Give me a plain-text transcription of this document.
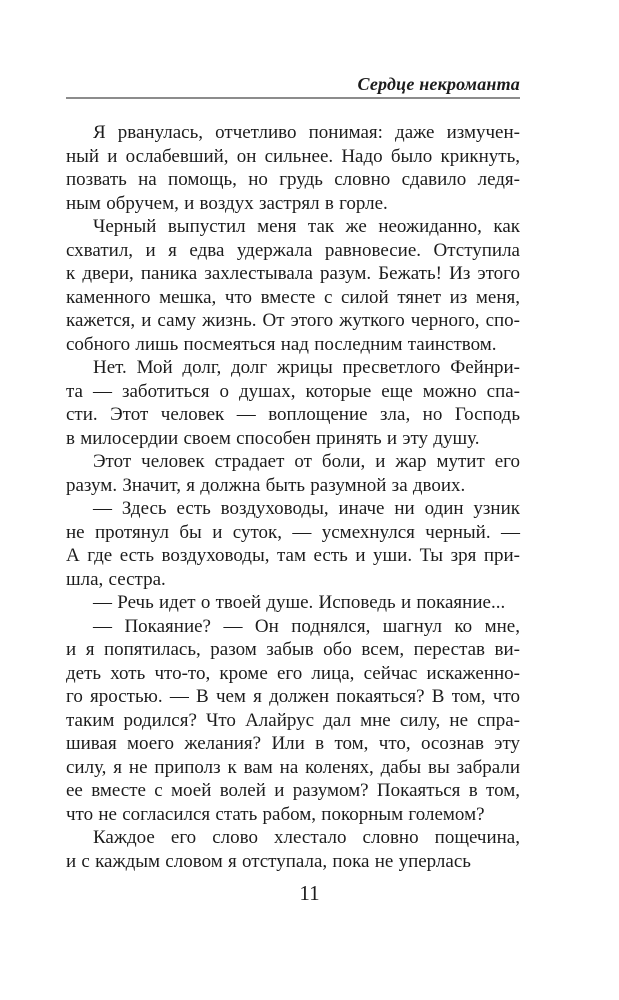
Сердце некроманта
Я рванулась, отчетливо понимая: даже измучен-
ный и ослабевший, он сильнее. Надо было крикнуть,
позвать на помощь, но грудь словно сдавило ледя-
ным обручем, и воздух застрял в горле.
Черный выпустил меня так же неожиданно, как
схватил, и я едва удержала равновесие. Отступила
к двери, паника захлестывала разум. Бежать! Из этого
каменного мешка, что вместе с силой тянет из меня,
кажется, и саму жизнь. От этого жуткого черного, спо-
собного лишь посмеяться над последним таинством.
Нет. Мой долг, долг жрицы пресветлого Фейнри-
та — заботиться о душах, которые еще можно спа-
сти. Этот человек — воплощение зла, но Господь
в милосердии своем способен принять и эту душу.
Этот человек страдает от боли, и жар мутит его
разум. Значит, я должна быть разумной за двоих.
— Здесь есть воздуховоды, иначе ни один узник
не протянул бы и суток, — усмехнулся черный. —
А где есть воздуховоды, там есть и уши. Ты зря при-
шла, сестра.
— Речь идет о твоей душе. Исповедь и покаяние...
— Покаяние? — Он поднялся, шагнул ко мне,
и я попятилась, разом забыв обо всем, перестав ви-
деть хоть что-то, кроме его лица, сейчас искаженно-
го яростью. — В чем я должен покаяться? В том, что
таким родился? Что Алайрус дал мне силу, не спра-
шивая моего желания? Или в том, что, осознав эту
силу, я не приполз к вам на коленях, дабы вы забрали
ее вместе с моей волей и разумом? Покаяться в том,
что не согласился стать рабом, покорным големом?
Каждое его слово хлестало словно пощечина,
и с каждым словом я отступала, пока не уперлась
11
